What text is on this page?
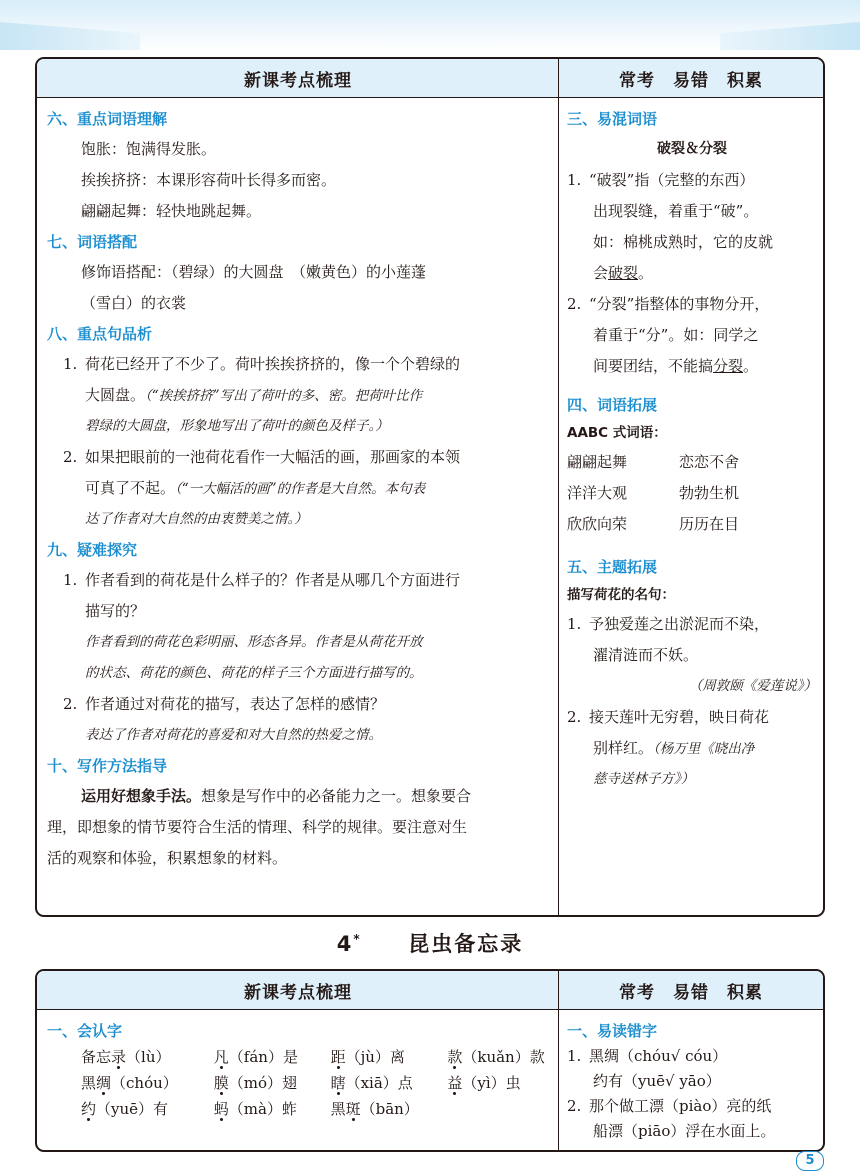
新课考点梳理	常考　易错　积累
六、重点词语理解
饱胀：饱满得发胀。
挨挨挤挤：本课形容荷叶长得多而密。
翩翩起舞：轻快地跳起舞。
七、词语搭配
修饰语搭配：（碧绿）的大圆盘　（嫩黄色）的小莲蓬
（雪白）的衣裳
八、重点句品析
1. 荷花已经开了不少了。荷叶挨挨挤挤的，像一个个碧绿的
大圆盘。（“挨挨挤挤”写出了荷叶的多、密。把荷叶比作
碧绿的大圆盘，形象地写出了荷叶的颜色及样子。）
2. 如果把眼前的一池荷花看作一大幅活的画，那画家的本领
可真了不起。（“一大幅活的画”的作者是大自然。本句表
达了作者对大自然的由衷赞美之情。）
九、疑难探究
1. 作者看到的荷花是什么样子的？作者是从哪几个方面进行
描写的？
作者看到的荷花色彩明丽、形态各异。作者是从荷花开放
的状态、荷花的颜色、荷花的样子三个方面进行描写的。
2. 作者通过对荷花的描写，表达了怎样的感情？
表达了作者对荷花的喜爱和对大自然的热爱之情。
十、写作方法指导
运用好想象手法。想象是写作中的必备能力之一。想象要合
理，即想象的情节要符合生活的情理、科学的规律。要注意对生
活的观察和体验，积累想象的材料。
三、易混词语
破裂＆分裂
1. “破裂”指（完整的东西）
出现裂缝，着重于“破”。
如：棉桃成熟时，它的皮就
会破裂。
2. “分裂”指整体的事物分开，
着重于“分”。如：同学之
间要团结，不能搞分裂。
四、词语拓展
AABC 式词语：
翩翩起舞	恋恋不舍
洋洋大观	勃勃生机
欣欣向荣	历历在目
五、主题拓展
描写荷花的名句：
1. 予独爱莲之出淤泥而不染，
濯清涟而不妖。
（周敦颐《爱莲说》）
2. 接天莲叶无穷碧，映日荷花
别样红。（杨万里《晓出净
慈寺送林子方》）
4* 昆虫备忘录
新课考点梳理	常考　易错　积累
一、会认字
备忘录（lù）	凡（fán）是 距（jù）离	款（kuǎn）款
黑绸（chóu） 膜（mó）翅 瞎（xiā）点 益（yì）虫
约（yuē）有	蚂（mà）蚱 黑斑（bān）
一、易读错字
1. 黑绸（chóu√ cóu）
约有（yuē√ yāo）
2. 那个做工漂（piào）亮的纸
船漂（piāo）浮在水面上。
5
